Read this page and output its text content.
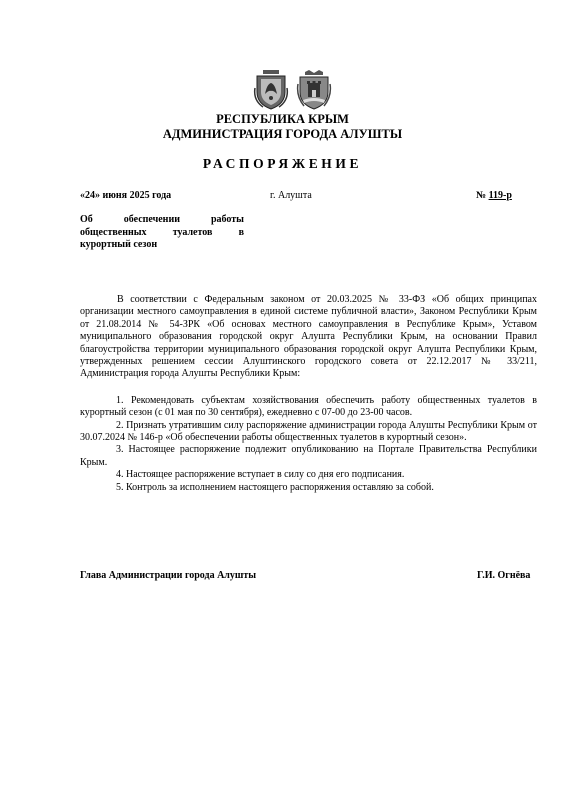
РЕСПУБЛИКА КРЫМ
АДМИНИСТРАЦИЯ ГОРОДА АЛУШТЫ
РАСПОРЯЖЕНИЕ
«24» июня 2025 года	г. Алушта	№ 119-р
Об обеспечении работы
общественных туалетов в
курортный сезон

В соответствии с Федеральным законом от 20.03.2025 № 33-ФЗ «Об общих принципах организации местного самоуправления в единой системе публичной власти», Законом Республики Крым от 21.08.2014 № 54-ЗРК «Об основах местного самоуправления в Республике Крым», Уставом муниципального образования городской округ Алушта Республики Крым, на основании Правил благоустройства территории муниципального образования городской округ Алушта Республики Крым, утвержденных решением сессии Алуштинского городского совета от 22.12.2017 № 33/211, Администрация города Алушты Республики Крым:

1. Рекомендовать субъектам хозяйствования обеспечить работу общественных туалетов в курортный сезон (с 01 мая по 30 сентября), ежедневно с 07-00 до 23-00 часов.

2. Признать утратившим силу распоряжение администрации города Алушты Республики Крым от 30.07.2024 № 146-р «Об обеспечении работы общественных туалетов в курортный сезон».

3. Настоящее распоряжение подлежит опубликованию на Портале Правительства Республики Крым.

4. Настоящее распоряжение вступает в силу со дня его подписания.

5. Контроль за исполнением настоящего распоряжения оставляю за собой.

Глава Администрации города Алушты	Г.И. Огнёва
